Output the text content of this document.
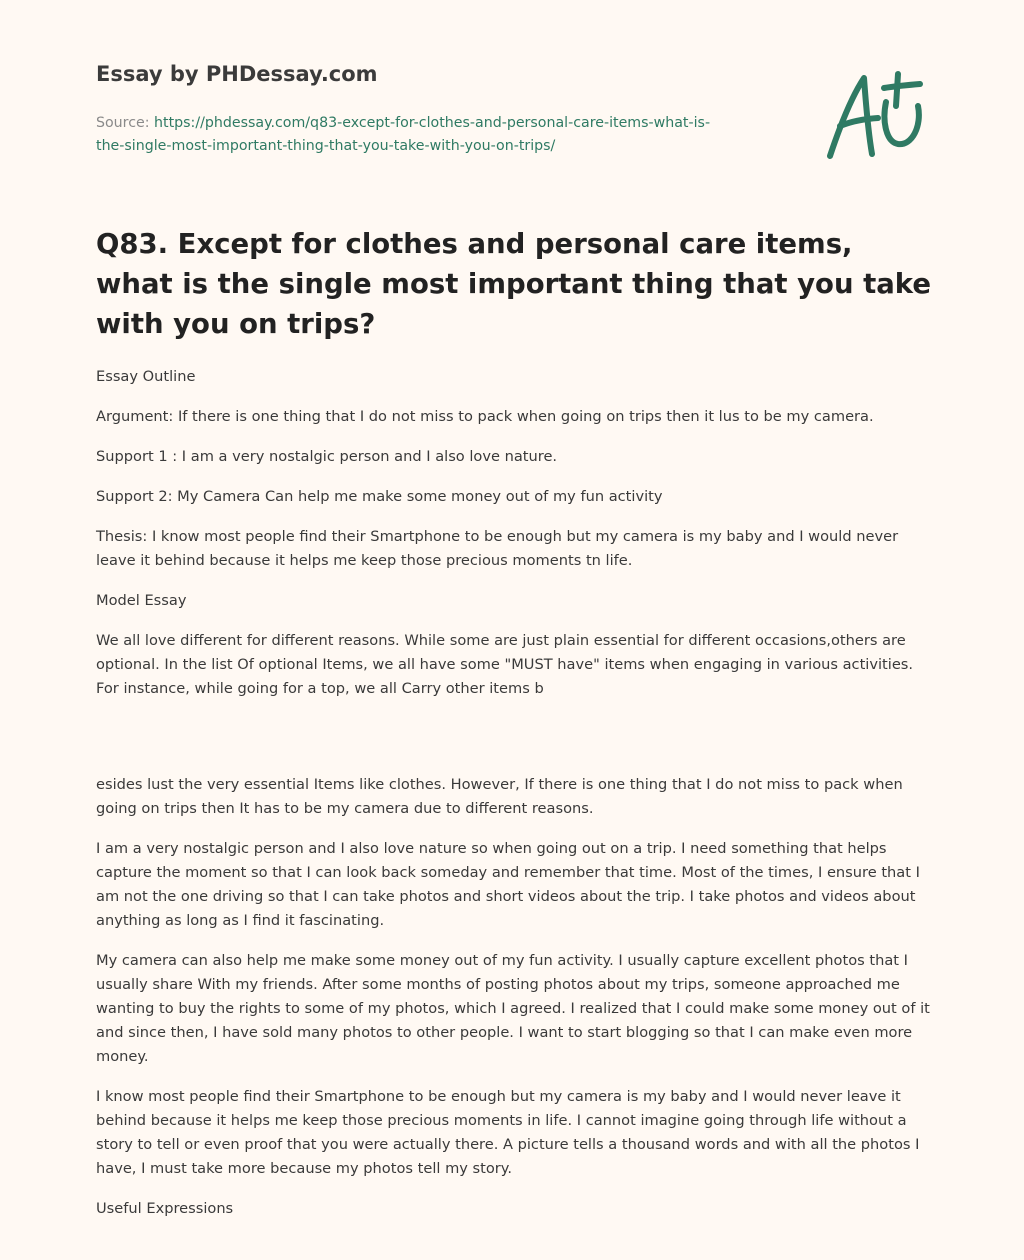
Essay by PHDessay.com
Source: https://phdessay.com/q83-except-for-clothes-and-personal-care-items-what-is-
the-single-most-important-thing-that-you-take-with-you-on-trips/
Q83. Except for clothes and personal care items, what is the single most important thing that you take with you on trips?

Essay Outline

Argument: If there is one thing that I do not miss to pack when going on trips then it lus to be my camera.

Support 1 : I am a very nostalgic person and I also love nature.

Support 2: My Camera Can help me make some money out of my fun activity

Thesis: I know most people find their Smartphone to be enough but my camera is my baby and I would never leave it behind because it helps me keep those precious moments tn life.

Model Essay

We all love different for different reasons. While some are just plain essential for different occasions,others are optional. In the list Of optional Items, we all have some "MUST have" items when engaging in various activities. For instance, while going for a top, we all Carry other items b

esides lust the very essential Items like clothes. However, If there is one thing that I do not miss to pack when going on trips then It has to be my camera due to different reasons.

I am a very nostalgic person and I also love nature so when going out on a trip. I need something that helps capture the moment so that I can look back someday and remember that time. Most of the times, I ensure that I am not the one driving so that I can take photos and short videos about the trip. I take photos and videos about anything as long as I find it fascinating.

My camera can also help me make some money out of my fun activity. I usually capture excellent photos that I usually share With my friends. After some months of posting photos about my trips, someone approached me wanting to buy the rights to some of my photos, which I agreed. I realized that I could make some money out of it and since then, I have sold many photos to other people. I want to start blogging so that I can make even more money.

I know most people find their Smartphone to be enough but my camera is my baby and I would never leave it behind because it helps me keep those precious moments in life. I cannot imagine going through life without a story to tell or even proof that you were actually there. A picture tells a thousand words and with all the photos I have, I must take more because my photos tell my story.

Useful Expressions
